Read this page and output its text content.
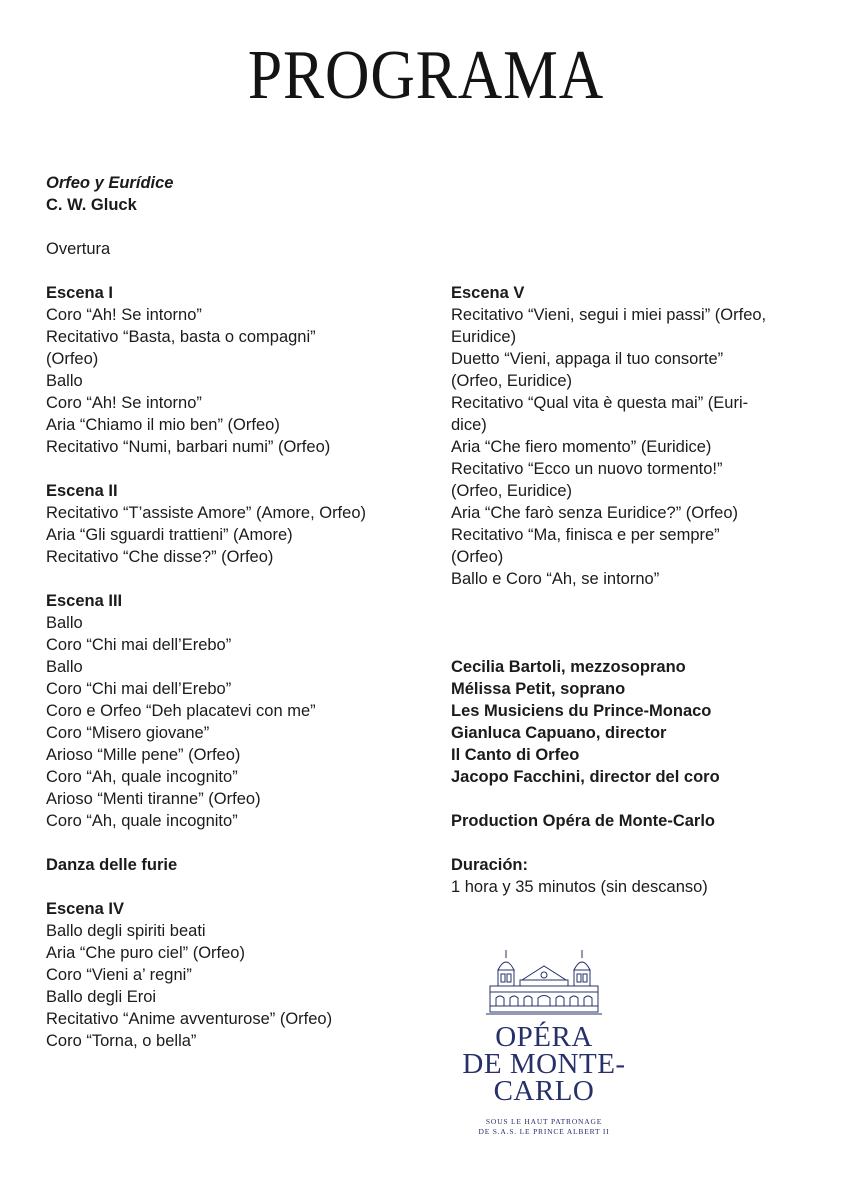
PROGRAMA
Orfeo y Eurídice
C. W. Gluck
Overtura
Escena I
Coro “Ah! Se intorno”
Recitativo “Basta, basta o compagni”
(Orfeo)
Ballo
Coro “Ah! Se intorno”
Aria “Chiamo il mio ben” (Orfeo)
Recitativo “Numi, barbari numi” (Orfeo)
Escena II
Recitativo “T’assiste Amore” (Amore, Orfeo)
Aria “Gli sguardi trattieni” (Amore)
Recitativo “Che disse?” (Orfeo)
Escena III
Ballo
Coro “Chi mai dell’Erebo”
Ballo
Coro “Chi mai dell’Erebo”
Coro e Orfeo “Deh placatevi con me”
Coro “Misero giovane”
Arioso “Mille pene” (Orfeo)
Coro “Ah, quale incognito”
Arioso “Menti tiranne” (Orfeo)
Coro “Ah, quale incognito”
Danza delle furie
Escena IV
Ballo degli spiriti beati
Aria “Che puro ciel” (Orfeo)
Coro “Vieni a’ regni”
Ballo degli Eroi
Recitativo “Anime avventurose” (Orfeo)
Coro “Torna, o bella”
Escena V
Recitativo “Vieni, segui i miei passi” (Orfeo,
Euridice)
Duetto “Vieni, appaga il tuo consorte”
(Orfeo, Euridice)
Recitativo “Qual vita è questa mai” (Euri-
dice)
Aria “Che fiero momento” (Euridice)
Recitativo “Ecco un nuovo tormento!”
(Orfeo, Euridice)
Aria “Che farò senza Euridice?” (Orfeo)
Recitativo “Ma, finisca e per sempre”
(Orfeo)
Ballo e Coro “Ah, se intorno”
Cecilia Bartoli, mezzosoprano
Mélissa Petit, soprano
Les Musiciens du Prince-Monaco
Gianluca Capuano, director
Il Canto di Orfeo
Jacopo Facchini, director del coro
Production Opéra de Monte-Carlo
Duración:
1 hora y 35 minutos (sin descanso)
OPÉRA
DE MONTE-
CARLO
SOUS LE HAUT PATRONAGE
DE S.A.S. LE PRINCE ALBERT II
